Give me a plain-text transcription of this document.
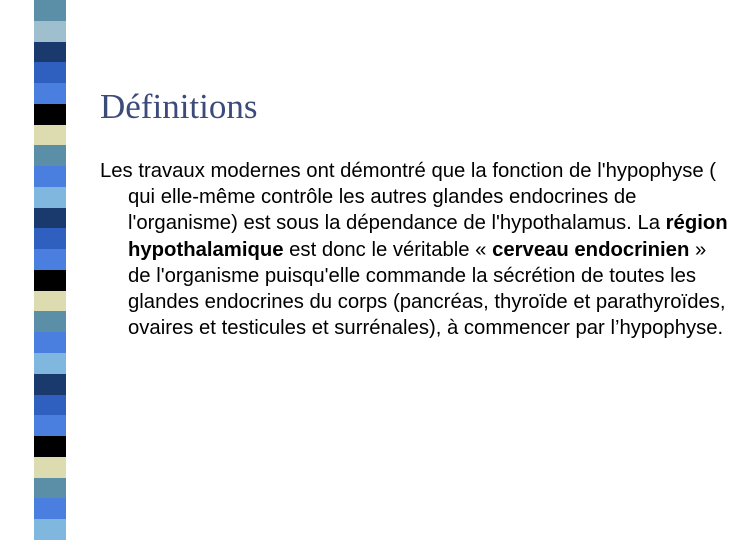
Définitions

Les travaux modernes ont démontré que la fonction de l'hypophyse ( qui elle-même contrôle les autres glandes endocrines de l'organisme) est sous la dépendance de l'hypothalamus. La région hypothalamique est donc le véritable « cerveau endocrinien » de l'organisme puisqu'elle commande la sécrétion de toutes les glandes endocrines du corps (pancréas, thyroïde et parathyroïdes, ovaires et testicules et surrénales), à commencer par l’hypophyse.
